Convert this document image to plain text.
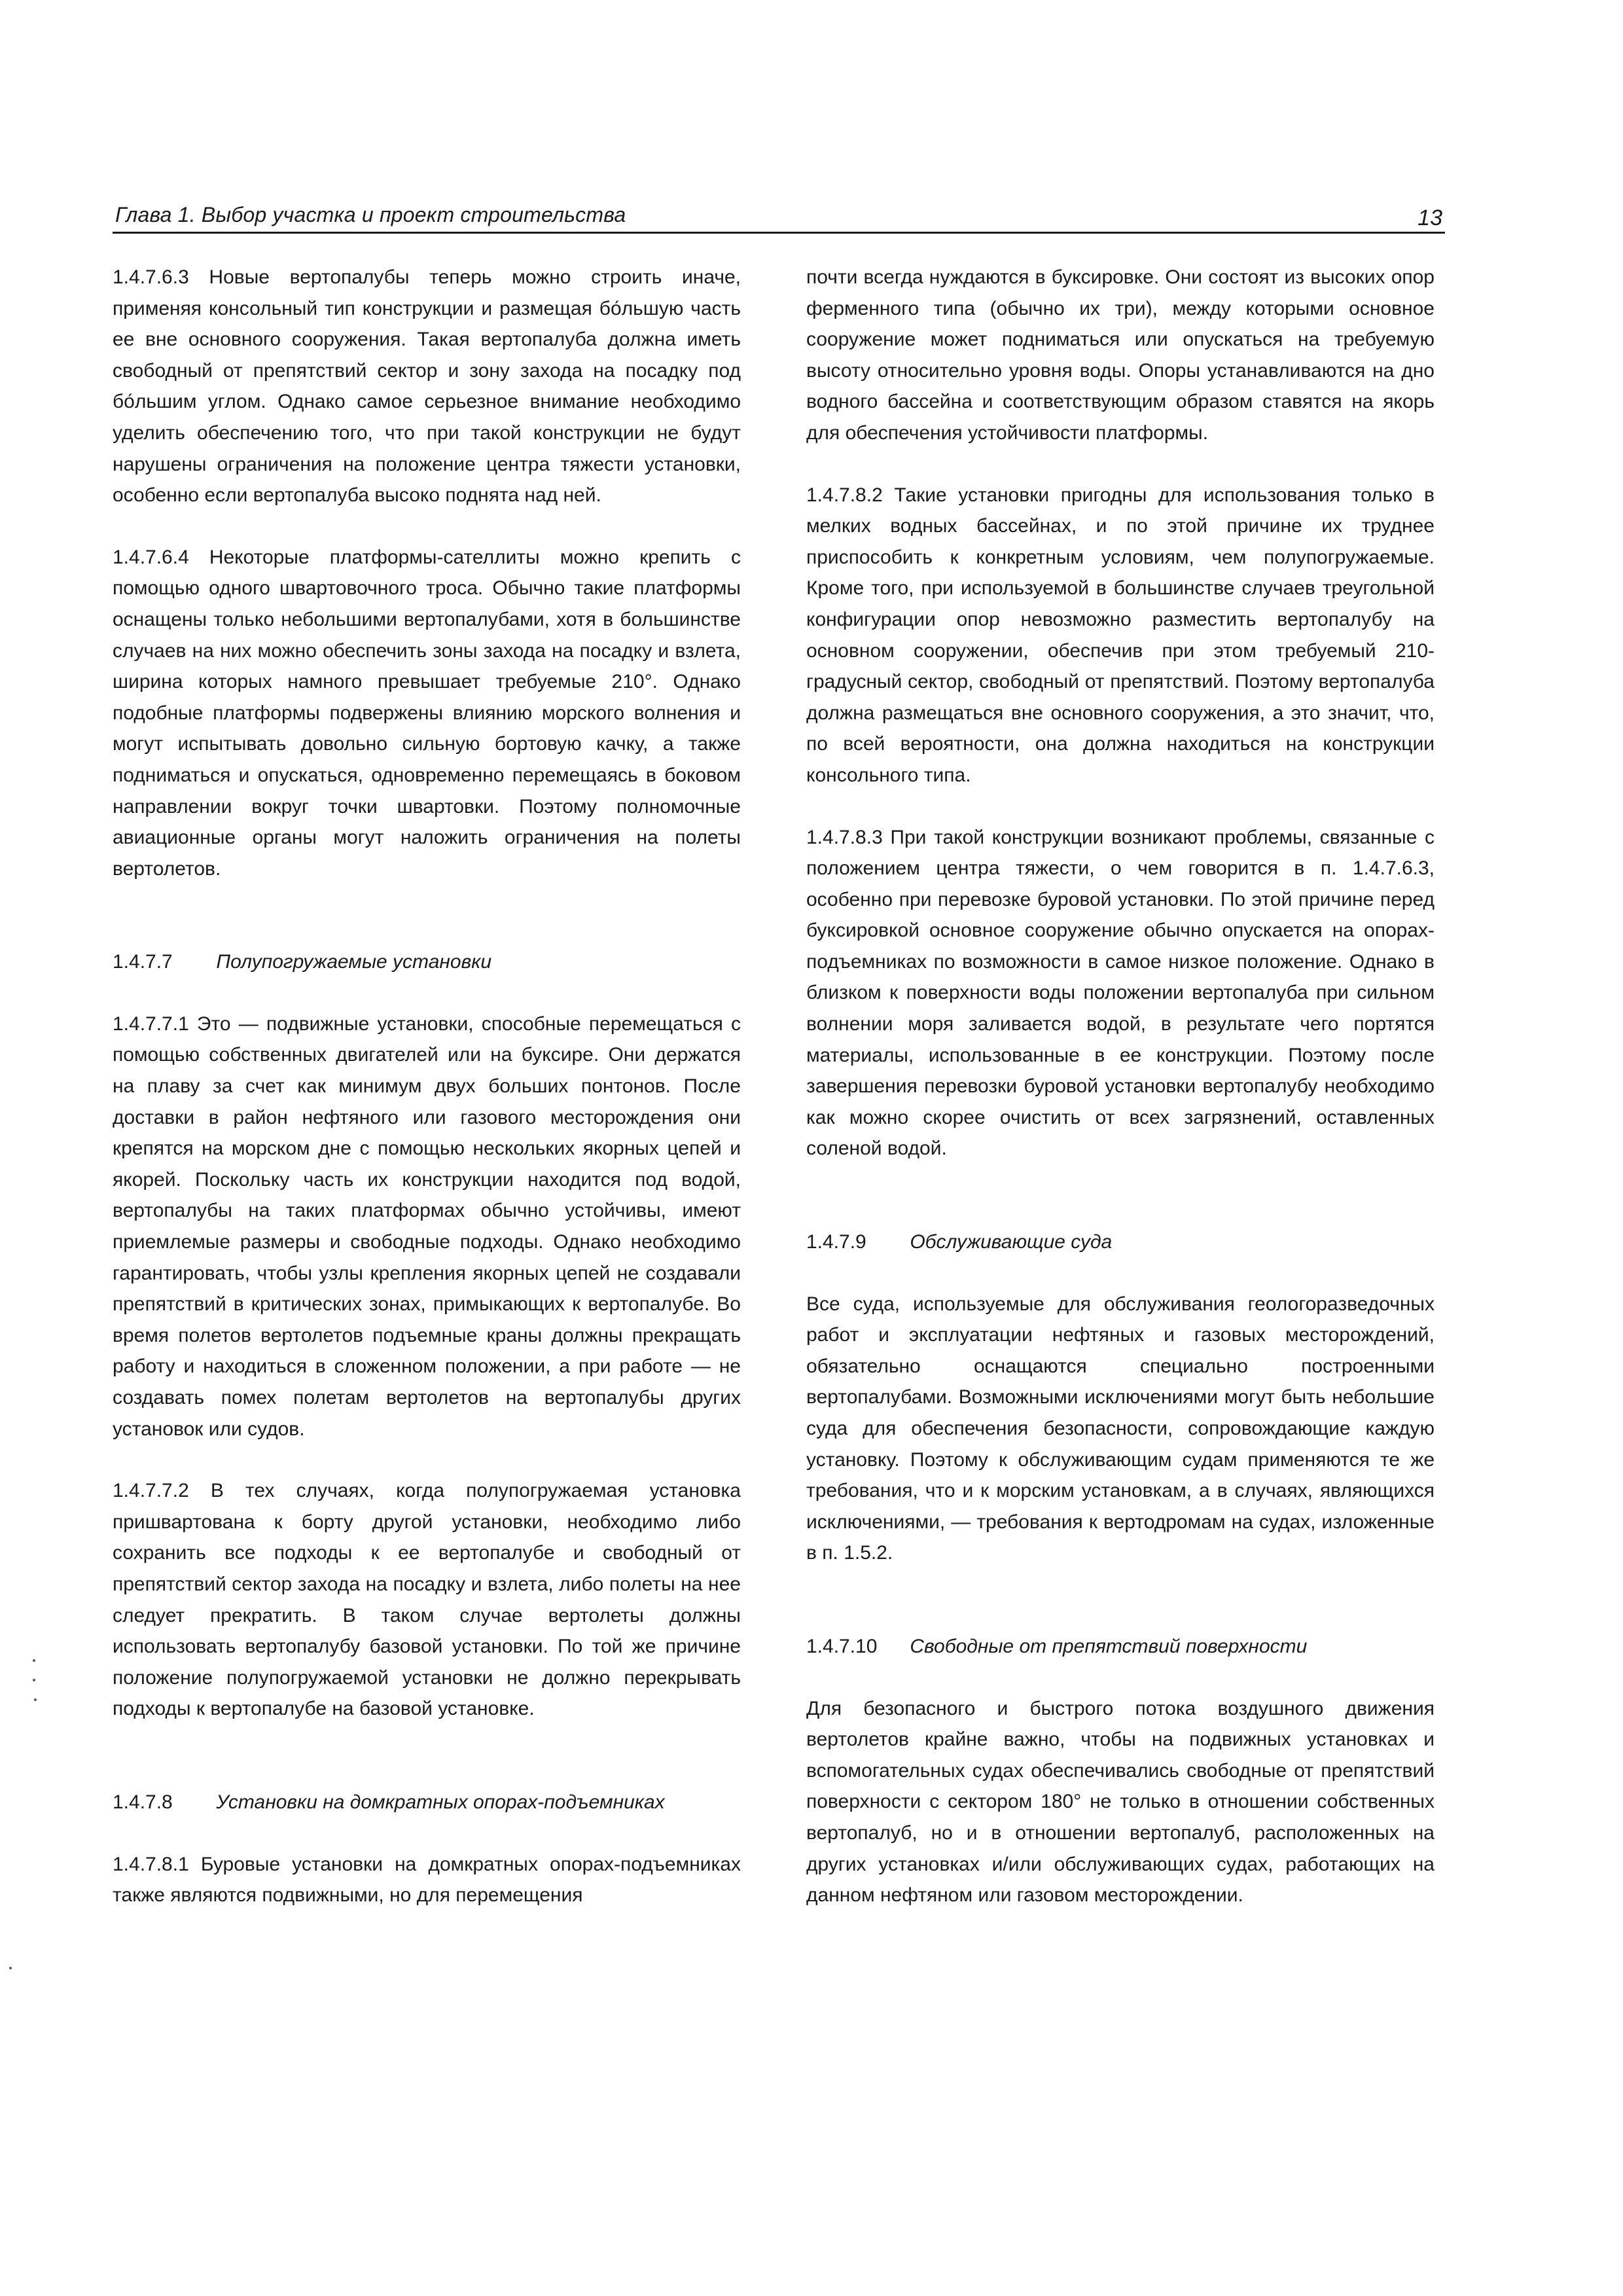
Глава 1. Выбор участка и проект строительства	13

1.4.7.6.3 Новые вертопалубы теперь можно строить иначе, применяя консольный тип конструкции и размещая бо́льшую часть ее вне основного сооружения. Такая вертопалуба должна иметь свободный от препятствий сектор и зону захода на посадку под бо́льшим углом. Однако самое серьезное внимание необходимо уделить обеспечению того, что при такой конструкции не будут нарушены ограничения на положение центра тяжести установки, особенно если вертопалуба высоко поднята над ней.

1.4.7.6.4 Некоторые платформы-сателлиты можно крепить с помощью одного швартовочного троса. Обычно такие платформы оснащены только небольшими вертопалубами, хотя в большинстве случаев на них можно обеспечить зоны захода на посадку и взлета, ширина которых намного превышает требуемые 210°. Однако подобные платформы подвержены влиянию морского волнения и могут испытывать довольно сильную бортовую качку, а также подниматься и опускаться, одновременно перемещаясь в боковом направлении вокруг точки швартовки. Поэтому полномочные авиационные органы могут наложить ограничения на полеты вертолетов.

1.4.7.7 Полупогружаемые установки

1.4.7.7.1 Это — подвижные установки, способные перемещаться с помощью собственных двигателей или на буксире. Они держатся на плаву за счет как минимум двух больших понтонов. После доставки в район нефтяного или газового месторождения они крепятся на морском дне с помощью нескольких якорных цепей и якорей. Поскольку часть их конструкции находится под водой, вертопалубы на таких платформах обычно устойчивы, имеют приемлемые размеры и свободные подходы. Однако необходимо гарантировать, чтобы узлы крепления якорных цепей не создавали препятствий в критических зонах, примыкающих к вертопалубе. Во время полетов вертолетов подъемные краны должны прекращать работу и находиться в сложенном положении, а при работе — не создавать помех полетам вертолетов на вертопалубы других установок или судов.

1.4.7.7.2 В тех случаях, когда полупогружаемая установка пришвартована к борту другой установки, необходимо либо сохранить все подходы к ее вертопалубе и свободный от препятствий сектор захода на посадку и взлета, либо полеты на нее следует прекратить. В таком случае вертолеты должны использовать вертопалубу базовой установки. По той же причине положение полупогружаемой установки не должно перекрывать подходы к вертопалубе на базовой установке.

1.4.7.8 Установки на домкратных опорах-подъемниках

1.4.7.8.1 Буровые установки на домкратных опорах-подъемниках также являются подвижными, но для перемещения

почти всегда нуждаются в буксировке. Они состоят из высоких опор ферменного типа (обычно их три), между которыми основное сооружение может подниматься или опускаться на требуемую высоту относительно уровня воды. Опоры устанавливаются на дно водного бассейна и соответствующим образом ставятся на якорь для обеспечения устойчивости платформы.

1.4.7.8.2 Такие установки пригодны для использования только в мелких водных бассейнах, и по этой причине их труднее приспособить к конкретным условиям, чем полупогружаемые. Кроме того, при используемой в большинстве случаев треугольной конфигурации опор невозможно разместить вертопалубу на основном сооружении, обеспечив при этом требуемый 210-градусный сектор, свободный от препятствий. Поэтому вертопалуба должна размещаться вне основного сооружения, а это значит, что, по всей вероятности, она должна находиться на конструкции консольного типа.

1.4.7.8.3 При такой конструкции возникают проблемы, связанные с положением центра тяжести, о чем говорится в п. 1.4.7.6.3, особенно при перевозке буровой установки. По этой причине перед буксировкой основное сооружение обычно опускается на опорах-подъемниках по возможности в самое низкое положение. Однако в близком к поверхности воды положении вертопалуба при сильном волнении моря заливается водой, в результате чего портятся материалы, использованные в ее конструкции. Поэтому после завершения перевозки буровой установки вертопалубу необходимо как можно скорее очистить от всех загрязнений, оставленных соленой водой.

1.4.7.9 Обслуживающие суда

Все суда, используемые для обслуживания геологоразведочных работ и эксплуатации нефтяных и газовых месторождений, обязательно оснащаются специально построенными вертопалубами. Возможными исключениями могут быть небольшие суда для обеспечения безопасности, сопровождающие каждую установку. Поэтому к обслуживающим судам применяются те же требования, что и к морским установкам, а в случаях, являющихся исключениями, — требования к вертодромам на судах, изложенные в п. 1.5.2.

1.4.7.10 Свободные от препятствий поверхности

Для безопасного и быстрого потока воздушного движения вертолетов крайне важно, чтобы на подвижных установках и вспомогательных судах обеспечивались свободные от препятствий поверхности с сектором 180° не только в отношении собственных вертопалуб, но и в отношении вертопалуб, расположенных на других установках и/или обслуживающих судах, работающих на данном нефтяном или газовом месторождении.
